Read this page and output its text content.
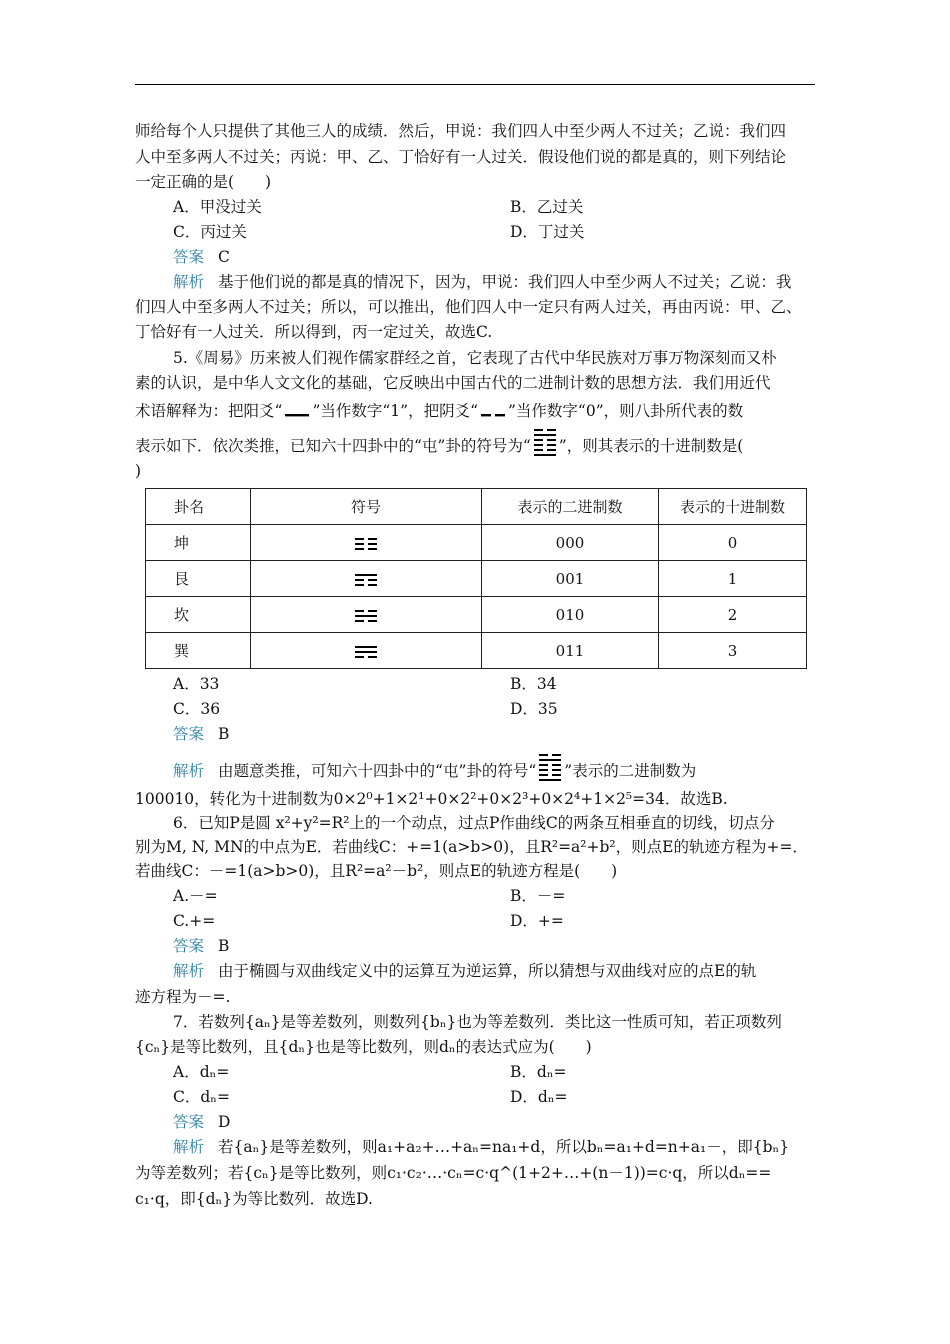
师给每个人只提供了其他三人的成绩．然后，甲说：我们四人中至少两人不过关；乙说：我们四
人中至多两人不过关；丙说：甲、乙、丁恰好有一人过关．假设他们说的都是真的，则下列结论
一定正确的是(　　)
A．甲没过关	B．乙过关
C．丙过关	D．丁过关
答案 C
解析 基于他们说的都是真的情况下，因为，甲说：我们四人中至少两人不过关；乙说：我
们四人中至多两人不过关；所以，可以推出，他们四人中一定只有两人过关，再由丙说：甲、乙、
丁恰好有一人过关．所以得到，丙一定过关，故选C.
5.《周易》历来被人们视作儒家群经之首，它表现了古代中华民族对万事万物深刻而又朴
素的认识，是中华人文文化的基础，它反映出中国古代的二进制计数的思想方法．我们用近代
术语解释为：把阳爻“ ”当作数字“1”，把阴爻“ ”当作数字“0”，则八卦所代表的数
表示如下．依次类推，已知六十四卦中的“屯”卦的符号为“ ”，则其表示的十进制数是(
)
卦名	符号	表示的二进制数	表示的十进制数
坤		000	0
艮		001	1
坎		010	2
巽		011	3
A．33	B．34
C．36	D．35
答案 B
解析 由题意类推，可知六十四卦中的“屯”卦的符号“ ”表示的二进制数为
100010，转化为十进制数为0×2⁰+1×2¹+0×2²+0×2³+0×2⁴+1×2⁵=34．故选B.
6．已知P是圆 x²+y²=R²上的一个动点，过点P作曲线C的两条互相垂直的切线，切点分
别为M, N, MN的中点为E．若曲线C：+=1(a>b>0)，且R²=a²+b²，则点E的轨迹方程为+=．
若曲线C：－=1(a>b>0)，且R²=a²－b²，则点E的轨迹方程是(　　)
A.－=	B．－=
C.+=	D．+=
答案 B
解析 由于椭圆与双曲线定义中的运算互为逆运算，所以猜想与双曲线对应的点E的轨
迹方程为－=.
7．若数列{aₙ}是等差数列，则数列{bₙ}也为等差数列．类比这一性质可知，若正项数列
{cₙ}是等比数列，且{dₙ}也是等比数列，则dₙ的表达式应为(　　)
A．dₙ=	B．dₙ=
C．dₙ=	D．dₙ=
答案 D
解析 若{aₙ}是等差数列，则a₁+a₂+…+aₙ=na₁+d，所以bₙ=a₁+d=n+a₁－，即{bₙ}
为等差数列；若{cₙ}是等比数列，则c₁·c₂·…·cₙ=c·q^(1+2+…+(n－1))=c·q，所以dₙ==
c₁·q，即{dₙ}为等比数列．故选D.
